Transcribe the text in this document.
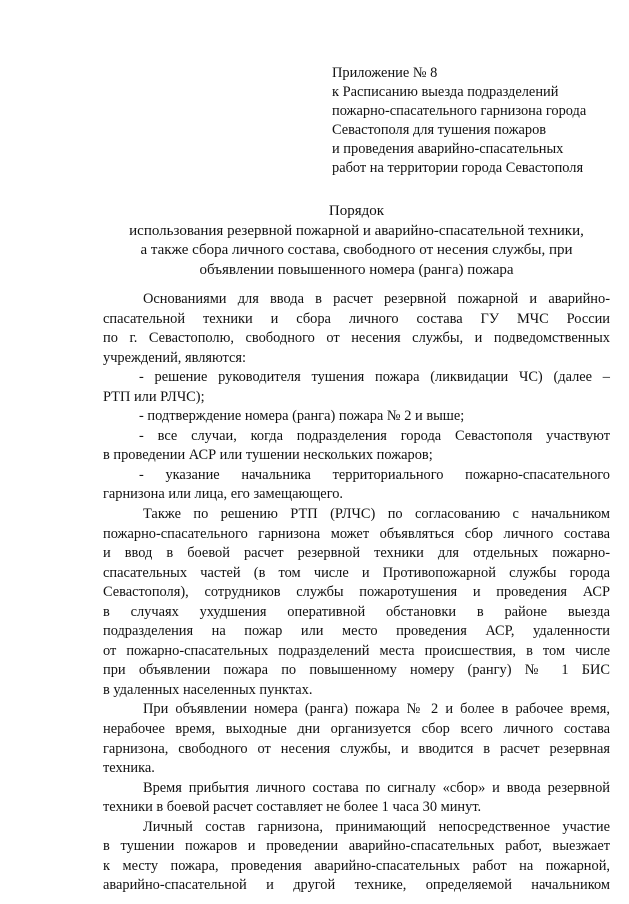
Приложение № 8
к Расписанию выезда подразделений
пожарно-спасательного гарнизона города
Севастополя для тушения пожаров
и проведения аварийно-спасательных
работ на территории города Севастополя
Порядок
использования резервной пожарной и аварийно-спасательной техники,
а также сбора личного состава, свободного от несения службы, при
объявлении повышенного номера (ранга) пожара
Основаниями для ввода в расчет резервной пожарной и аварийно-
спасательной техники и сбора личного состава ГУ МЧС России
по г. Севастополю, свободного от несения службы, и подведомственных
учреждений, являются:
- решение руководителя тушения пожара (ликвидации ЧС) (далее –
РТП или РЛЧС);
- подтверждение номера (ранга) пожара № 2 и выше;
- все случаи, когда подразделения города Севастополя участвуют
в проведении АСР или тушении нескольких пожаров;
- указание начальника территориального пожарно-спасательного
гарнизона или лица, его замещающего.
Также по решению РТП (РЛЧС) по согласованию с начальником
пожарно-спасательного гарнизона может объявляться сбор личного состава
и ввод в боевой расчет резервной техники для отдельных пожарно-
спасательных частей (в том числе и Противопожарной службы города
Севастополя), сотрудников службы пожаротушения и проведения АСР
в случаях ухудшения оперативной обстановки в районе выезда
подразделения на пожар или место проведения АСР, удаленности
от пожарно-спасательных подразделений места происшествия, в том числе
при объявлении пожара по повышенному номеру (рангу) № 1 БИС
в удаленных населенных пунктах.
При объявлении номера (ранга) пожара № 2 и более в рабочее время,
нерабочее время, выходные дни организуется сбор всего личного состава
гарнизона, свободного от несения службы, и вводится в расчет резервная
техника.
Время прибытия личного состава по сигналу «сбор» и ввода резервной
техники в боевой расчет составляет не более 1 часа 30 минут.
Личный состав гарнизона, принимающий непосредственное участие
в тушении пожаров и проведении аварийно-спасательных работ, выезжает
к месту пожара, проведения аварийно-спасательных работ на пожарной,
аварийно-спасательной и другой технике, определяемой начальником
